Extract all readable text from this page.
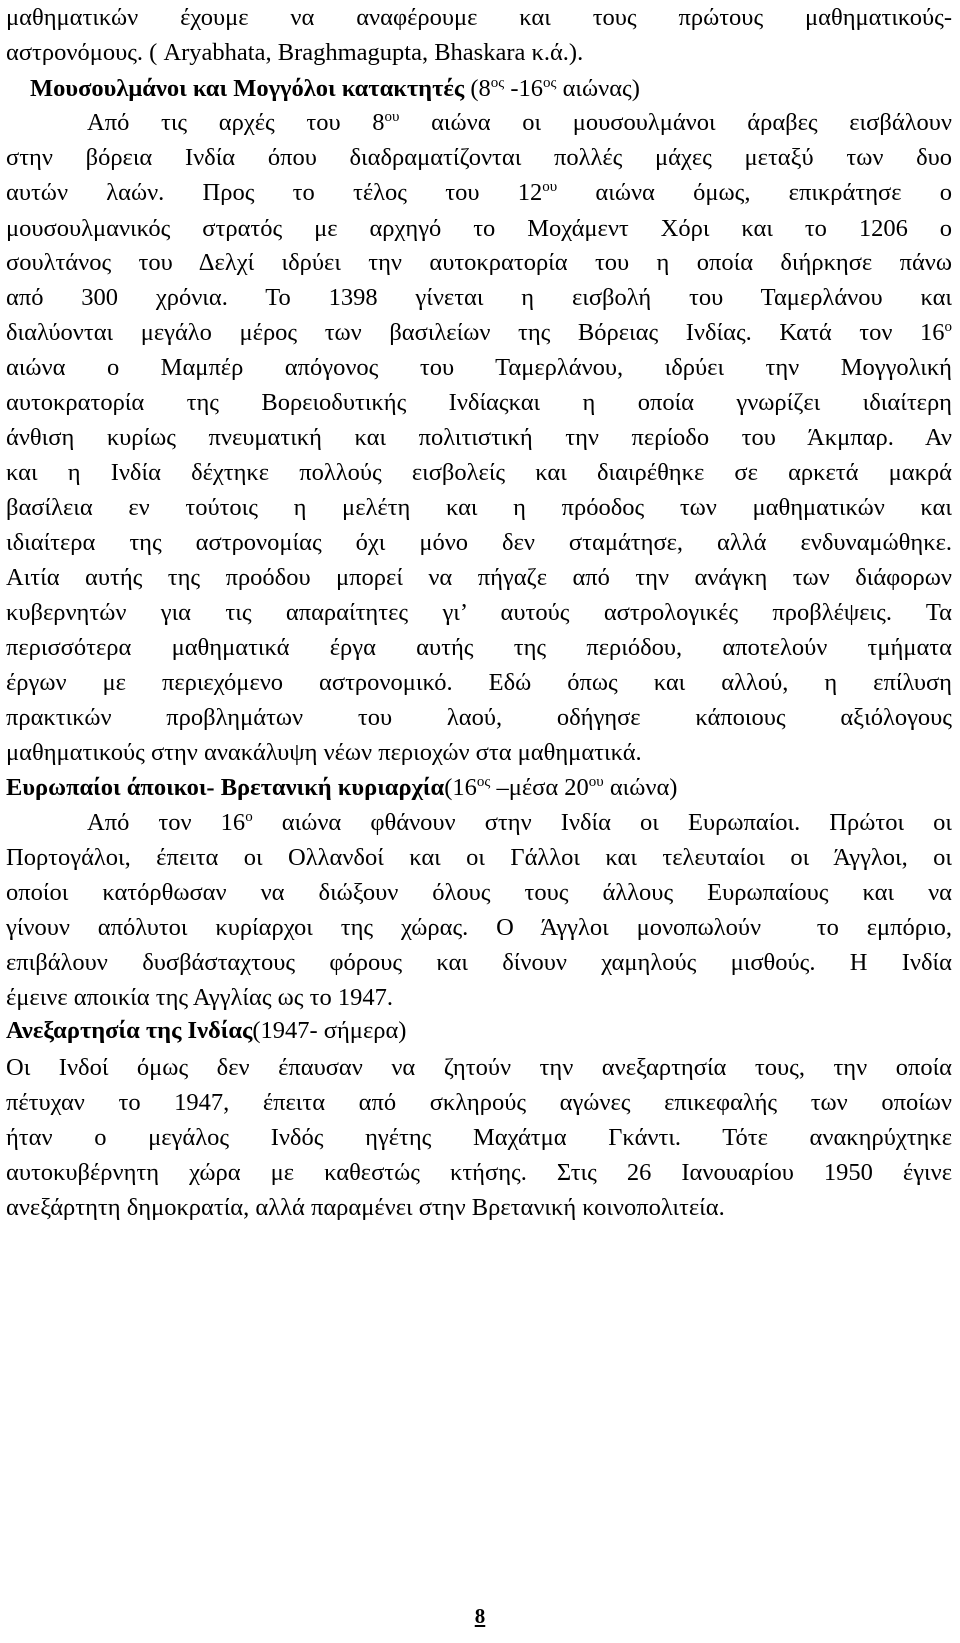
μαθηματικών έχουμε να αναφέρουμε και τους πρώτους μαθηματικούς-
αστρονόμους. ( Aryabhata, Braghmagupta, Bhaskara κ.ά.).
Μουσουλμάνοι και Μογγόλοι κατακτητές ($8^{o\varsigma}$ $-16^{o\varsigma}$ αιώνας)
Από τις αρχές του $8^{o\upsilon}$ αιώνα οι μουσουλμάνοι άραβες εισβάλουν
στην βόρεια Ινδία όπου διαδραματίζονται πολλές μάχες μεταξύ των δυο
αυτών λαών. Προς το τέλος του $12^{o\upsilon}$ αιώνα όμως, επικράτησε ο
μουσουλμανικός στρατός με αρχηγό το Μοχάμεντ Χόρι και το 1206 ο
σουλτάνος του Δελχί ιδρύει την αυτοκρατορία του η οποία διήρκησε πάνω
από 300 χρόνια. Το 1398 γίνεται η εισβολή του Ταμερλάνου και
διαλύονται μεγάλο μέρος των βασιλείων της Βόρειας Ινδίας. Κατά τον $16^o$
αιώνα ο Μαμπέρ απόγονος του Ταμερλάνου, ιδρύει την Μογγολική
αυτοκρατορία της Βορειοδυτικής Ινδίαςκαι η οποία γνωρίζει ιδιαίτερη
άνθιση κυρίως πνευματική και πολιτιστική την περίοδο του Άκμπαρ. Αν
και η Ινδία δέχτηκε πολλούς εισβολείς και διαιρέθηκε σε αρκετά μακρά
βασίλεια εν τούτοις η μελέτη και η πρόοδος των μαθηματικών και
ιδιαίτερα της αστρονομίας όχι μόνο δεν σταμάτησε, αλλά ενδυναμώθηκε.
Αιτία αυτής της προόδου μπορεί να πήγαζε από την ανάγκη των διάφορων
κυβερνητών για τις απαραίτητες γι’ αυτούς αστρολογικές προβλέψεις. Τα
περισσότερα μαθηματικά έργα αυτής της περιόδου, αποτελούν τμήματα
έργων με περιεχόμενο αστρονομικό. Εδώ όπως και αλλού, η επίλυση
πρακτικών προβλημάτων του λαού, οδήγησε κάποιους αξιόλογους
μαθηματικούς στην ανακάλυψη νέων περιοχών στα μαθηματικά.
Ευρωπαίοι άποικοι- Βρετανική $\kappa\upsilon\rho\iota\alpha\rho\chi ί\alpha(16^{o\varsigma}$ –μέσα $20^{o\upsilon}$ αιώνα)
Από τον $16^o$ αιώνα φθάνουν στην Ινδία οι Ευρωπαίοι. Πρώτοι οι
Πορτογάλοι, έπειτα οι Ολλανδοί και οι Γάλλοι και τελευταίοι οι Άγγλοι, οι
οποίοι κατόρθωσαν να διώξουν όλους τους άλλους Ευρωπαίους και να
γίνουν απόλυτοι κυρίαρχοι της χώρας. Ο Άγγλοι μονοπωλούν  το εμπόριο,
επιβάλουν δυσβάσταχτους φόρους και δίνουν χαμηλούς μισθούς. Η Ινδία
έμεινε αποικία της Αγγλίας ως το 1947.
Ανεξαρτησία της Ινδίας(1947- σήμερα)
Οι Ινδοί όμως δεν έπαυσαν να ζητούν την ανεξαρτησία τους, την οποία
πέτυχαν το 1947, έπειτα από σκληρούς αγώνες επικεφαλής των οποίων
ήταν ο μεγάλος Ινδός ηγέτης Μαχάτμα Γκάντι. Τότε ανακηρύχτηκε
αυτοκυβέρνητη χώρα με καθεστώς κτήσης. Στις 26 Ιανουαρίου 1950 έγινε
ανεξάρτητη δημοκρατία, αλλά παραμένει στην Βρετανική κοινοπολιτεία.
8
